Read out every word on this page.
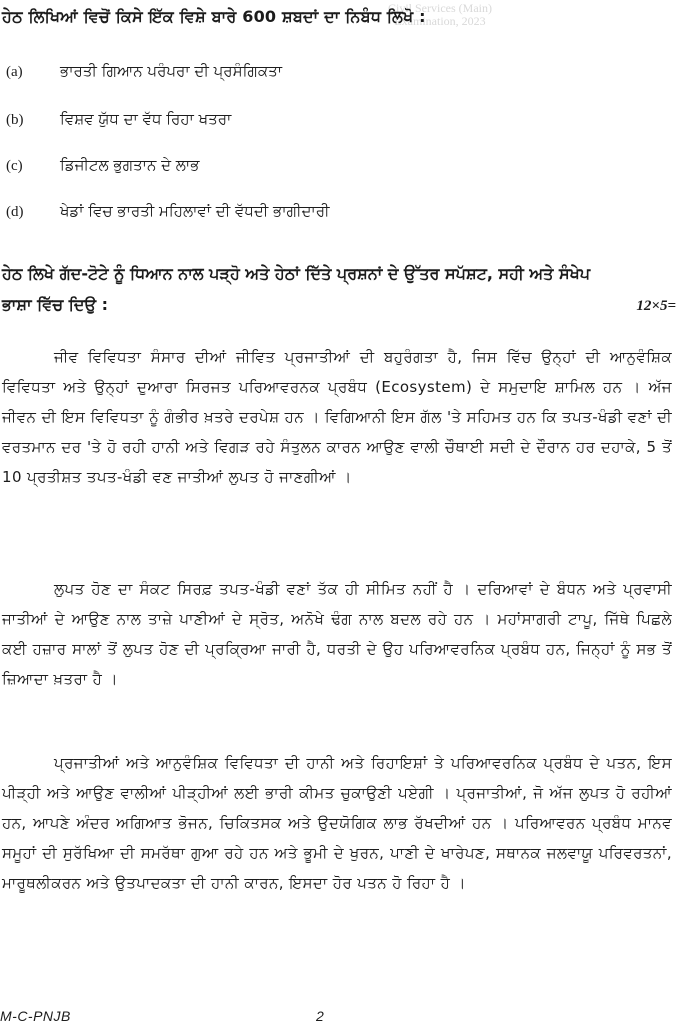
Civil Services (Main)
Examination, 2023
ਹੇਠ ਲਿਖਿਆਂ ਵਿਚੋਂ ਕਿਸੇ ਇੱਕ ਵਿਸ਼ੇ ਬਾਰੇ 600 ਸ਼ਬਦਾਂ ਦਾ ਨਿਬੰਧ ਲਿਖੋ :
(a) ਭਾਰਤੀ ਗਿਆਨ ਪਰੰਪਰਾ ਦੀ ਪ੍ਰਸੰਗਿਕਤਾ
(b) ਵਿਸ਼ਵ ਯੁੱਧ ਦਾ ਵੱਧ ਰਿਹਾ ਖਤਰਾ
(c) ਡਿਜੀਟਲ ਭੁਗਤਾਨ ਦੇ ਲਾਭ
(d) ਖੇਡਾਂ ਵਿਚ ਭਾਰਤੀ ਮਹਿਲਾਵਾਂ ਦੀ ਵੱਧਦੀ ਭਾਗੀਦਾਰੀ
ਹੇਠ ਲਿਖੇ ਗੱਦ-ਟੋਟੇ ਨੂੰ ਧਿਆਨ ਨਾਲ ਪੜ੍ਹੋ ਅਤੇ ਹੇਠਾਂ ਦਿੱਤੇ ਪ੍ਰਸ਼ਨਾਂ ਦੇ ਉੱਤਰ ਸਪੱਸ਼ਟ, ਸਹੀ ਅਤੇ ਸੰਖੇਪ ਭਾਸ਼ਾ ਵਿੱਚ ਦਿਉ :	12×5=
ਜੀਵ ਵਿਵਿਧਤਾ ਸੰਸਾਰ ਦੀਆਂ ਜੀਵਿਤ ਪ੍ਰਜਾਤੀਆਂ ਦੀ ਬਹੁਰੰਗਤਾ ਹੈ, ਜਿਸ ਵਿੱਚ ਉਨ੍ਹਾਂ ਦੀ ਆਨੁਵੰਸ਼ਿਕ ਵਿਵਿਧਤਾ ਅਤੇ ਉਨ੍ਹਾਂ ਦੁਆਰਾ ਸਿਰਜਤ ਪਰਿਆਵਰਨਕ ਪ੍ਰਬੰਧ (Ecosystem) ਦੇ ਸਮੁਦਾਇ ਸ਼ਾਮਿਲ ਹਨ । ਅੱਜ ਜੀਵਨ ਦੀ ਇਸ ਵਿਵਿਧਤਾ ਨੂੰ ਗੰਭੀਰ ਖ਼ਤਰੇ ਦਰਪੇਸ਼ ਹਨ । ਵਿਗਿਆਨੀ ਇਸ ਗੱਲ 'ਤੇ ਸਹਿਮਤ ਹਨ ਕਿ ਤਪਤ-ਖੰਡੀ ਵਣਾਂ ਦੀ ਵਰਤਮਾਨ ਦਰ 'ਤੇ ਹੋ ਰਹੀ ਹਾਨੀ ਅਤੇ ਵਿਗੜ ਰਹੇ ਸੰਤੁਲਨ ਕਾਰਨ ਆਉਣ ਵਾਲੀ ਚੌਥਾਈ ਸਦੀ ਦੇ ਦੌਰਾਨ ਹਰ ਦਹਾਕੇ, 5 ਤੋਂ 10 ਪ੍ਰਤੀਸ਼ਤ ਤਪਤ-ਖੰਡੀ ਵਣ ਜਾਤੀਆਂ ਲੁਪਤ ਹੋ ਜਾਣਗੀਆਂ ।
ਲੁਪਤ ਹੋਣ ਦਾ ਸੰਕਟ ਸਿਰਫ਼ ਤਪਤ-ਖੰਡੀ ਵਣਾਂ ਤੱਕ ਹੀ ਸੀਮਿਤ ਨਹੀਂ ਹੈ । ਦਰਿਆਵਾਂ ਦੇ ਬੰਧਨ ਅਤੇ ਪ੍ਰਵਾਸੀ ਜਾਤੀਆਂ ਦੇ ਆਉਣ ਨਾਲ ਤਾਜ਼ੇ ਪਾਣੀਆਂ ਦੇ ਸ੍ਰੋਤ, ਅਨੋਖੇ ਢੰਗ ਨਾਲ ਬਦਲ ਰਹੇ ਹਨ । ਮਹਾਂਸਾਗਰੀ ਟਾਪੂ, ਜਿੱਥੇ ਪਿਛਲੇ ਕਈ ਹਜ਼ਾਰ ਸਾਲਾਂ ਤੋਂ ਲੁਪਤ ਹੋਣ ਦੀ ਪ੍ਰਕ੍ਰਿਆ ਜਾਰੀ ਹੈ, ਧਰਤੀ ਦੇ ਉਹ ਪਰਿਆਵਰਨਿਕ ਪ੍ਰਬੰਧ ਹਨ, ਜਿਨ੍ਹਾਂ ਨੂੰ ਸਭ ਤੋਂ ਜ਼ਿਆਦਾ ਖ਼ਤਰਾ ਹੈ ।
ਪ੍ਰਜਾਤੀਆਂ ਅਤੇ ਆਨੁਵੰਸ਼ਿਕ ਵਿਵਿਧਤਾ ਦੀ ਹਾਨੀ ਅਤੇ ਰਿਹਾਇਸ਼ਾਂ ਤੇ ਪਰਿਆਵਰਨਿਕ ਪ੍ਰਬੰਧ ਦੇ ਪਤਨ, ਇਸ ਪੀੜ੍ਹੀ ਅਤੇ ਆਉਣ ਵਾਲੀਆਂ ਪੀੜ੍ਹੀਆਂ ਲਈ ਭਾਰੀ ਕੀਮਤ ਚੁਕਾਉਣੀ ਪਏਗੀ । ਪ੍ਰਜਾਤੀਆਂ, ਜੋ ਅੱਜ ਲੁਪਤ ਹੋ ਰਹੀਆਂ ਹਨ, ਆਪਣੇ ਅੰਦਰ ਅਗਿਆਤ ਭੋਜਨ, ਚਿਕਿਤਸਕ ਅਤੇ ਉਦਯੋਗਿਕ ਲਾਭ ਰੱਖਦੀਆਂ ਹਨ । ਪਰਿਆਵਰਨ ਪ੍ਰਬੰਧ ਮਾਨਵ ਸਮੂਹਾਂ ਦੀ ਸੁਰੱਖਿਆ ਦੀ ਸਮਰੱਥਾ ਗੁਆ ਰਹੇ ਹਨ ਅਤੇ ਭੂਮੀ ਦੇ ਖੁਰਨ, ਪਾਣੀ ਦੇ ਖਾਰੇਪਣ, ਸਥਾਨਕ ਜਲਵਾਯੂ ਪਰਿਵਰਤਨਾਂ, ਮਾਰੂਥਲੀਕਰਨ ਅਤੇ ਉਤਪਾਦਕਤਾ ਦੀ ਹਾਨੀ ਕਾਰਨ, ਇਸਦਾ ਹੋਰ ਪਤਨ ਹੋ ਰਿਹਾ ਹੈ ।
M-C-PNJB	2
